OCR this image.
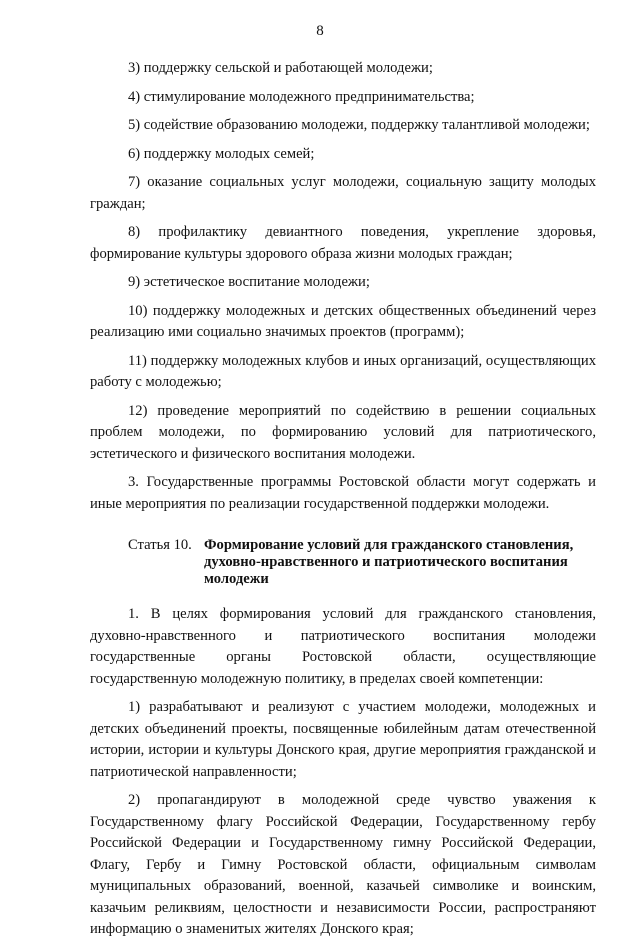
8

3) поддержку сельской и работающей молодежи;

4) стимулирование молодежного предпринимательства;

5) содействие образованию молодежи, поддержку талантливой молодежи;

6) поддержку молодых семей;

7) оказание социальных услуг молодежи, социальную защиту молодых граждан;

8) профилактику девиантного поведения, укрепление здоровья, формирование культуры здорового образа жизни молодых граждан;

9) эстетическое воспитание молодежи;

10) поддержку молодежных и детских общественных объединений через реализацию ими социально значимых проектов (программ);

11) поддержку молодежных клубов и иных организаций, осуществляющих работу с молодежью;

12) проведение мероприятий по содействию в решении социальных проблем молодежи, по формированию условий для патриотического, эстетического и физического воспитания молодежи.

3. Государственные программы Ростовской области могут содержать и иные мероприятия по реализации государственной поддержки молодежи.

Статья 10. Формирование условий для гражданского становления, духовно-нравственного и патриотического воспитания молодежи

1. В целях формирования условий для гражданского становления, духовно-нравственного и патриотического воспитания молодежи государственные органы Ростовской области, осуществляющие государственную молодежную политику, в пределах своей компетенции:

1) разрабатывают и реализуют с участием молодежи, молодежных и детских объединений проекты, посвященные юбилейным датам отечественной истории, истории и культуры Донского края, другие мероприятия гражданской и патриотической направленности;

2) пропагандируют в молодежной среде чувство уважения к Государственному флагу Российской Федерации, Государственному гербу Российской Федерации и Государственному гимну Российской Федерации, Флагу, Гербу и Гимну Ростовской области, официальным символам муниципальных образований, военной, казачьей символике и воинским, казачьим реликвиям, целостности и независимости России, распространяют информацию о знаменитых жителях Донского края;
